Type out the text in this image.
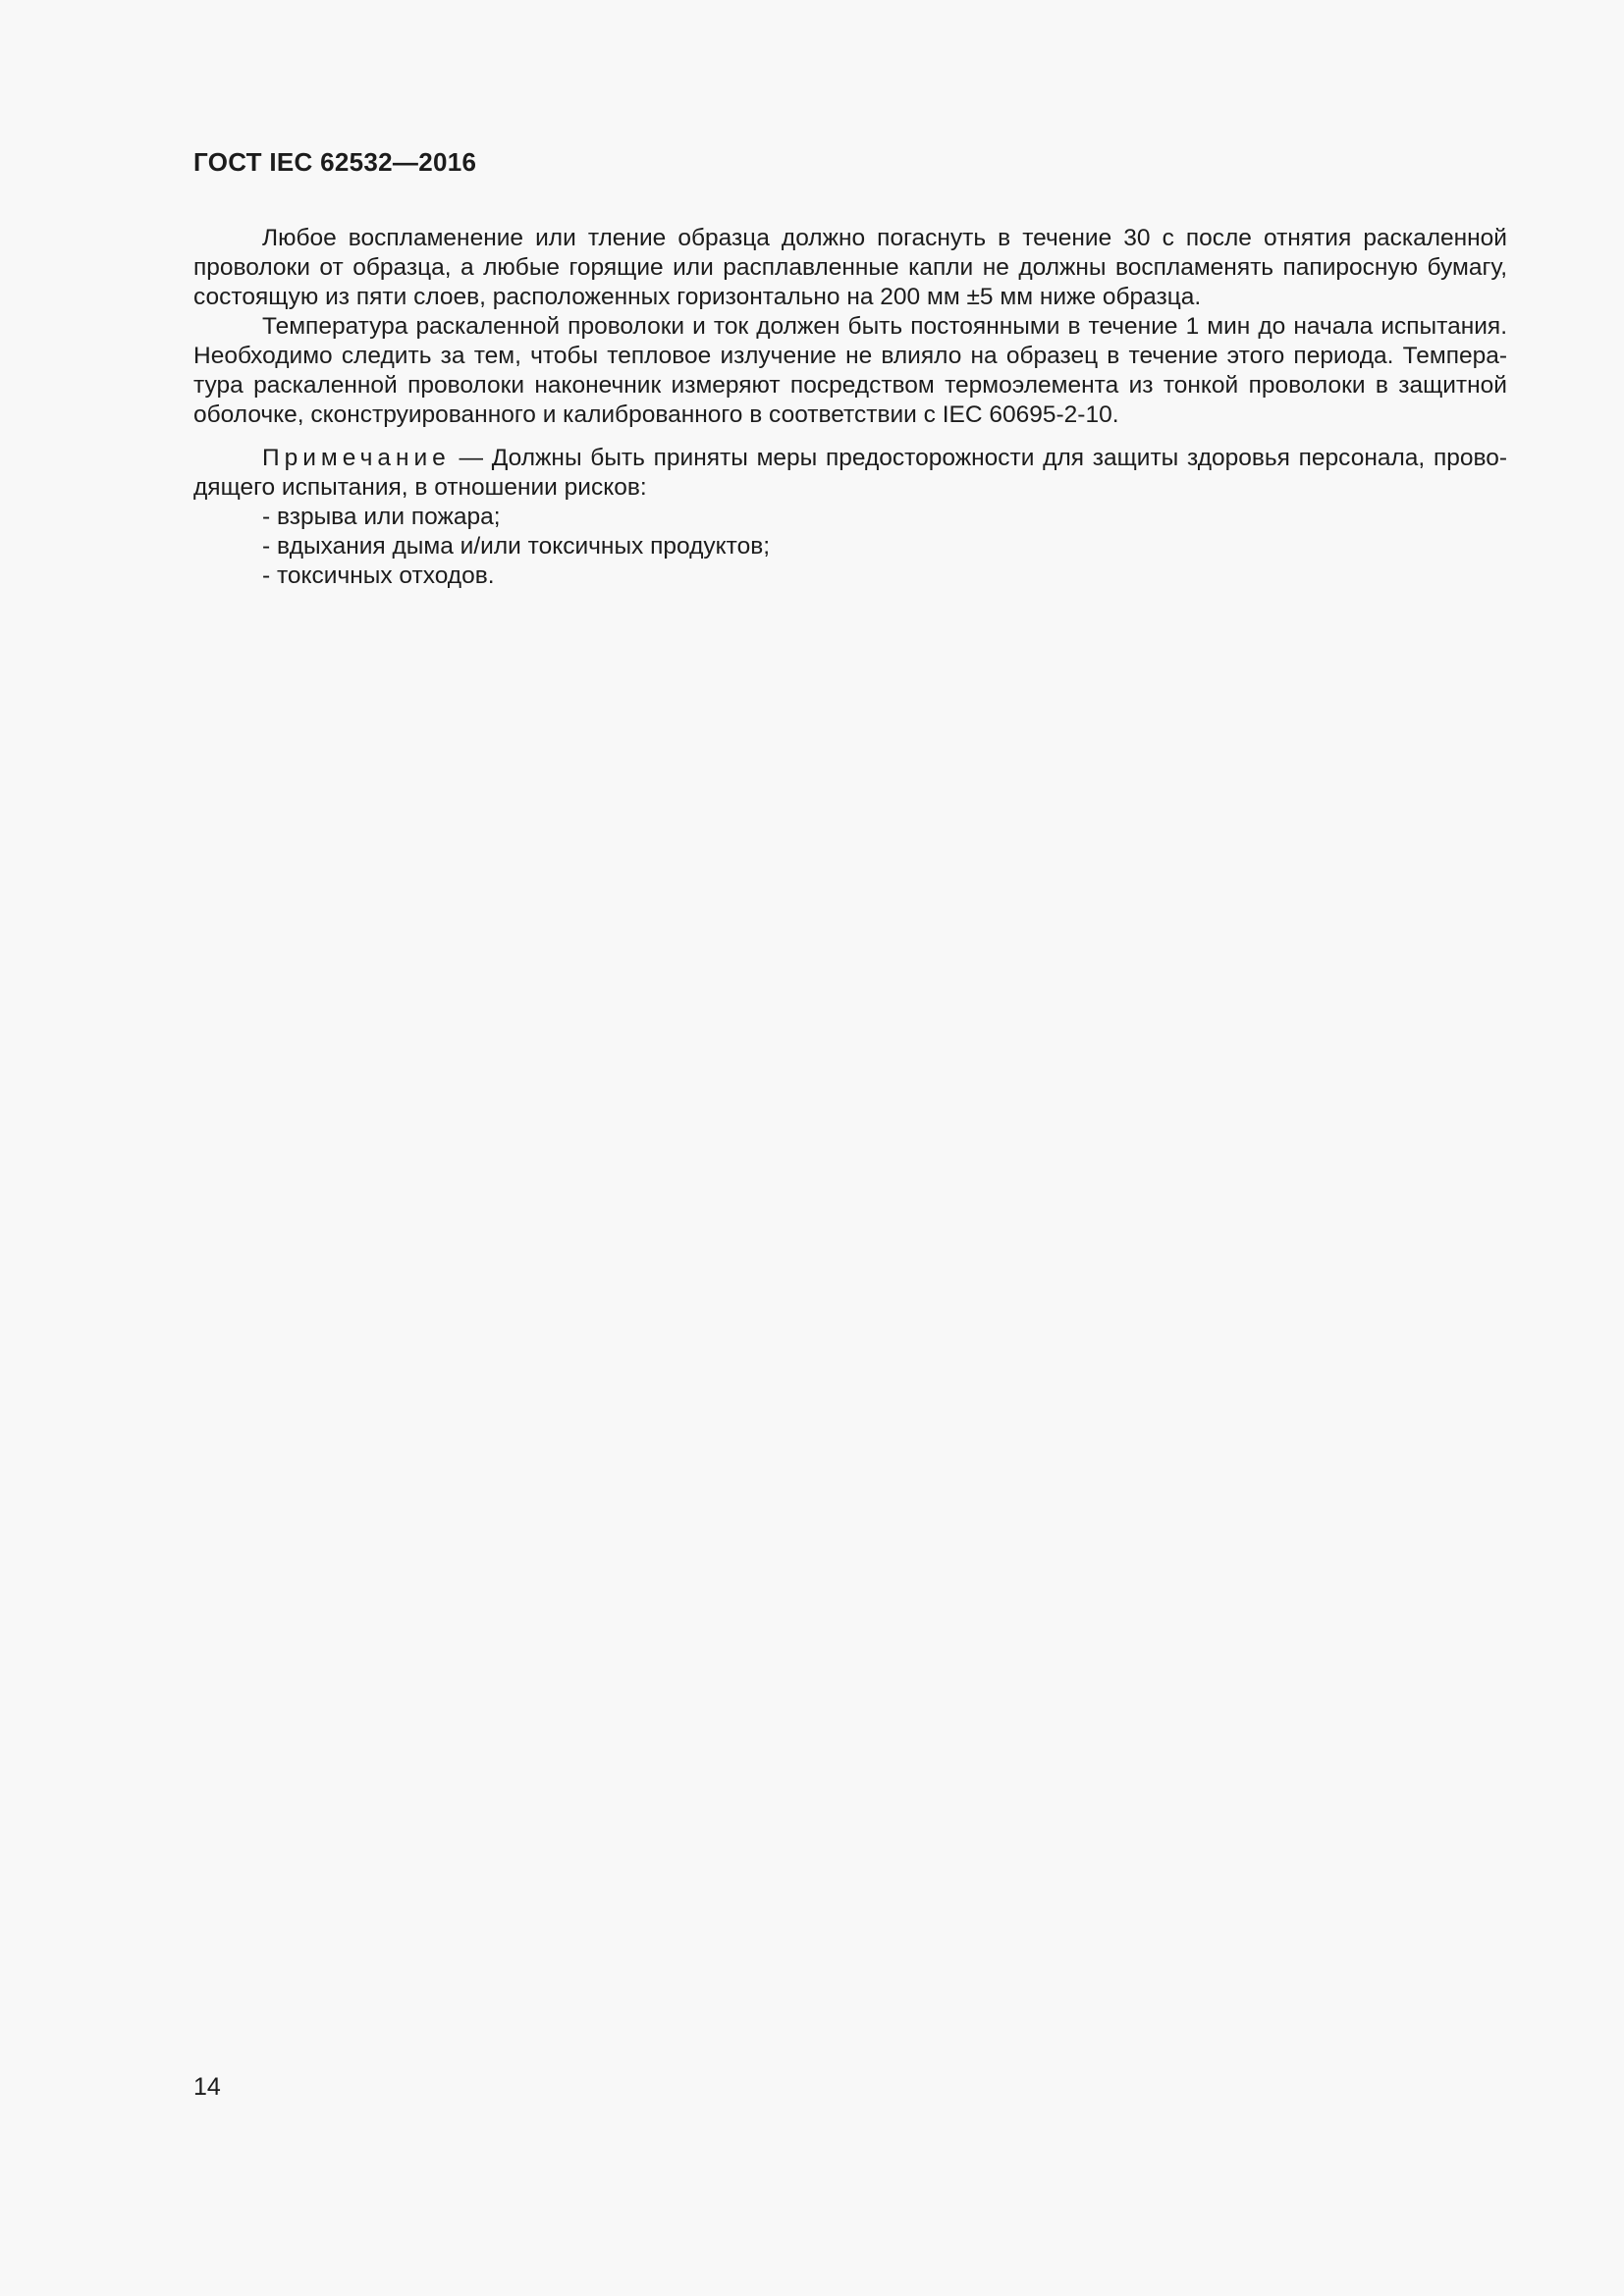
ГОСТ IEC 62532—2016

Любое воспламенение или тление образца должно погаснуть в течение 30 с после отнятия раскаленной проволоки от образца, а любые горящие или расплавленные капли не должны воспламенять папиросную бумагу, состоящую из пяти слоев, расположенных горизонтально на 200 мм ±5 мм ниже образца.

Температура раскаленной проволоки и ток должен быть постоянными в течение 1 мин до начала испытания. Необходимо следить за тем, чтобы тепловое излучение не влияло на образец в течение этого периода. Темпера-тура раскаленной проволоки наконечник измеряют посредством термоэлемента из тонкой проволоки в защитной оболочке, сконструированного и калиброванного в соответствии с IEC 60695-2-10.

Примечание — Должны быть приняты меры предосторожности для защиты здоровья персонала, прово-дящего испытания, в отношении рисков:

- взрыва или пожара;
- вдыхания дыма и/или токсичных продуктов;
- токсичных отходов.
14
